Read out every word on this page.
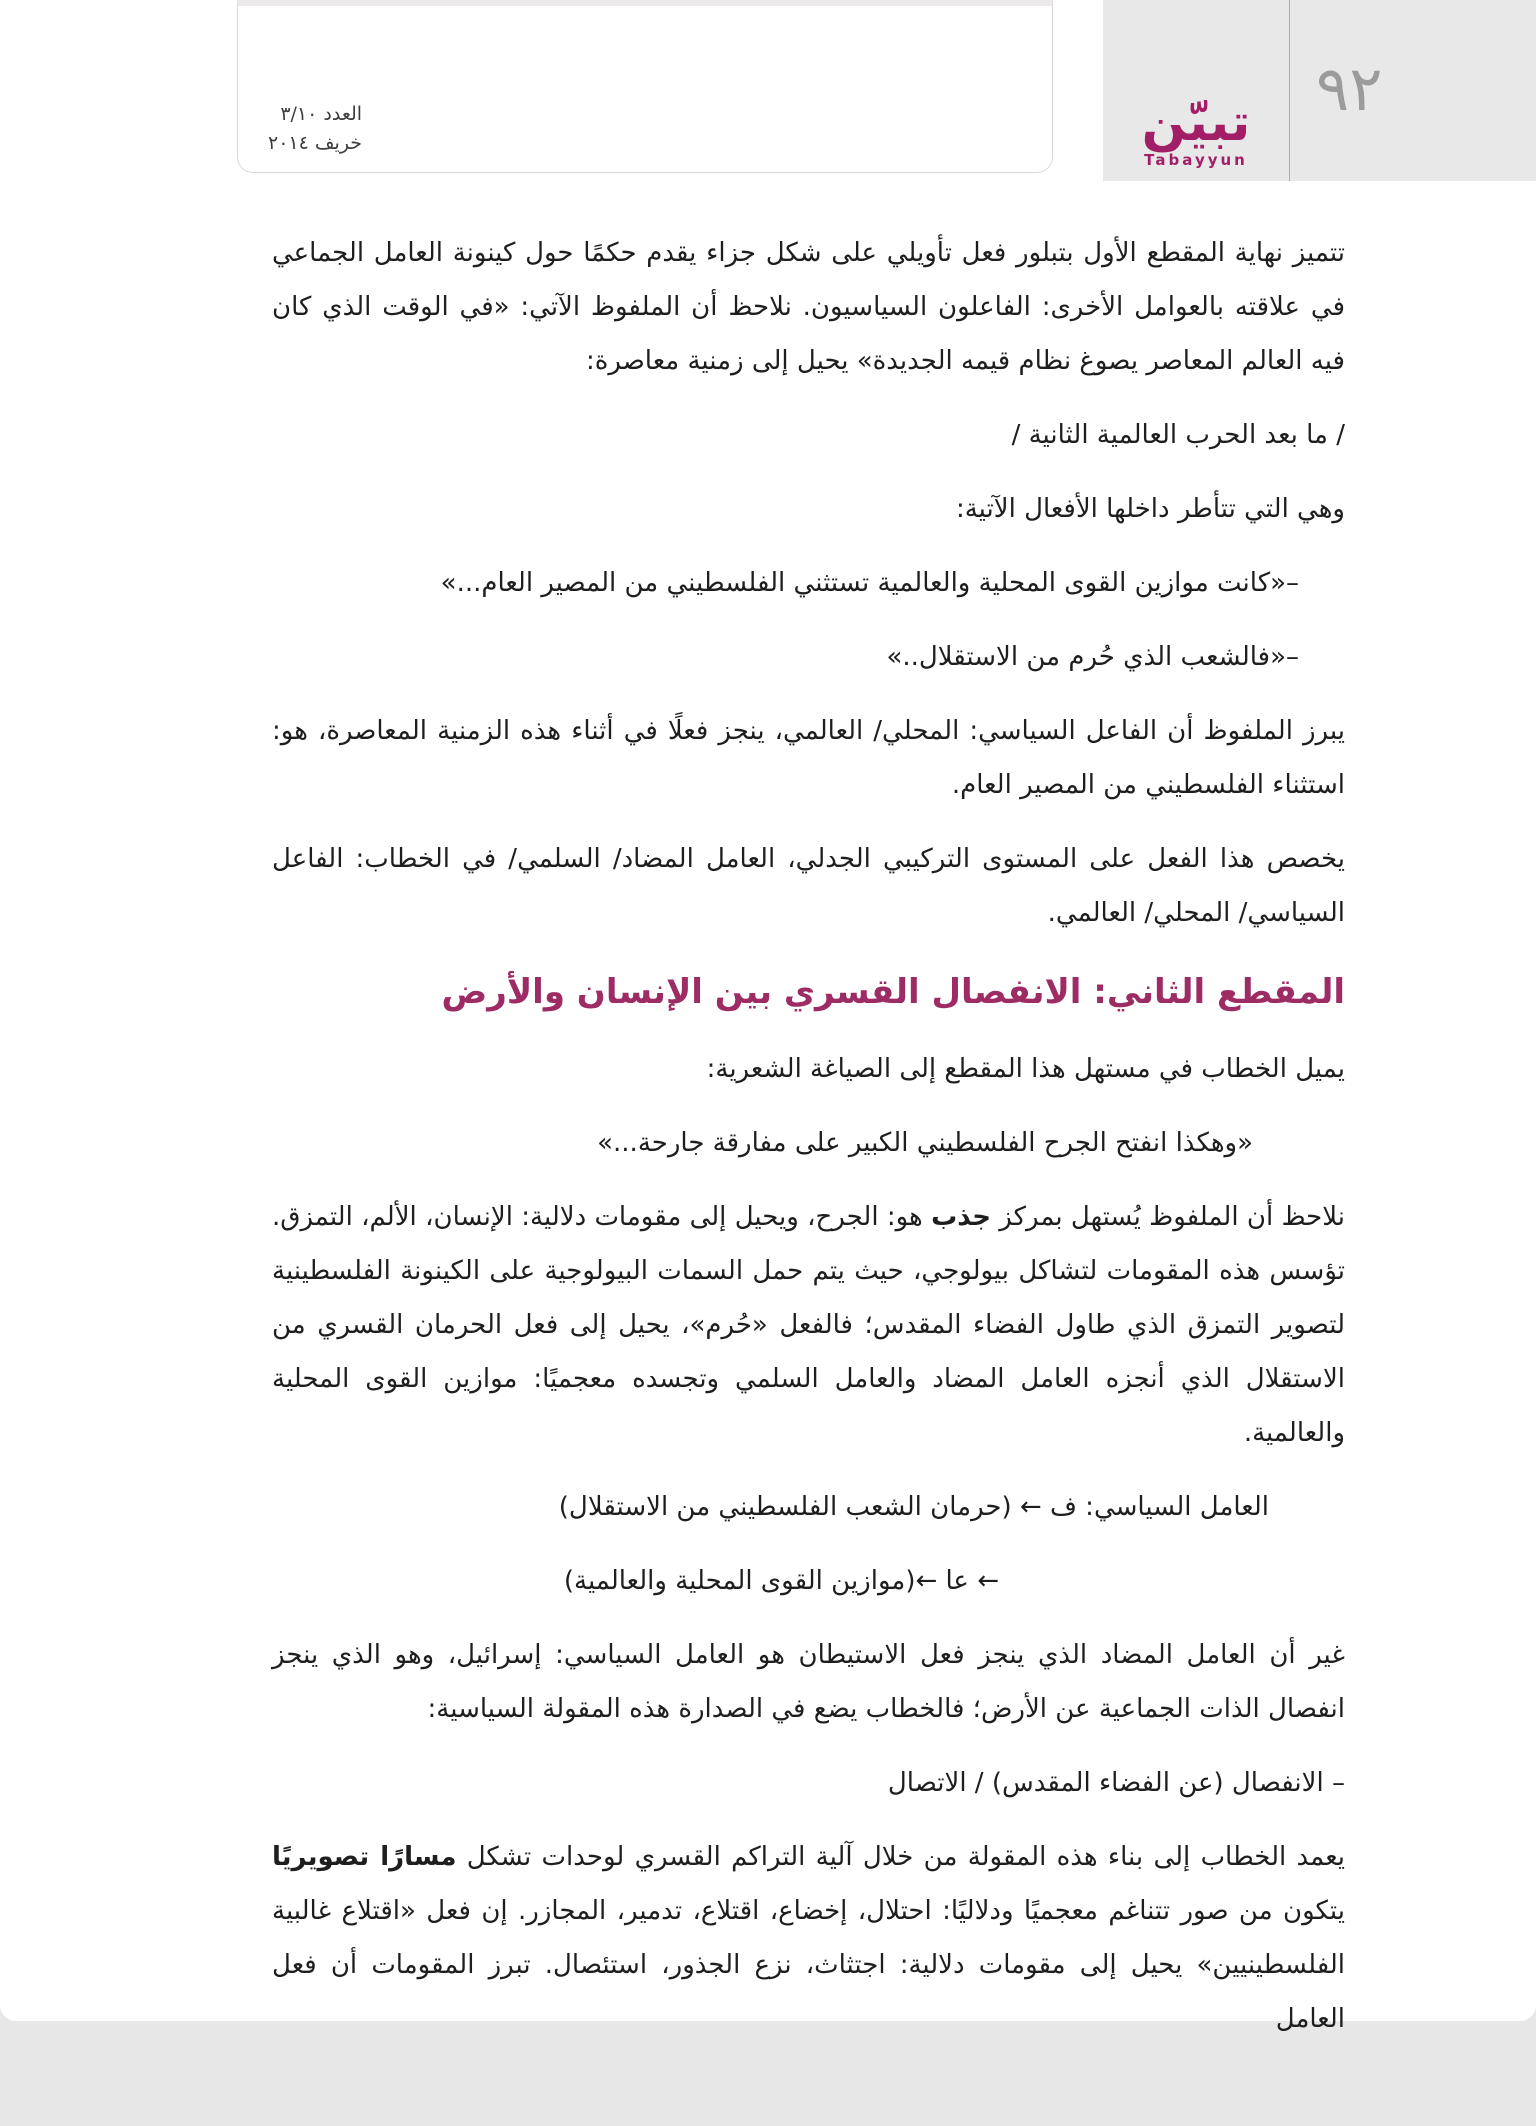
العدد ٣/١٠
خريف ٢٠١٤	تبيّن
Tabayyun
٩٢

تتميز نهاية المقطع الأول بتبلور فعل تأويلي على شكل جزاء يقدم حكمًا حول كينونة العامل الجماعي في علاقته بالعوامل الأخرى: الفاعلون السياسيون. نلاحظ أن الملفوظ الآتي: «في الوقت الذي كان فيه العالم المعاصر يصوغ نظام قيمه الجديدة» يحيل إلى زمنية معاصرة:

/ ما بعد الحرب العالمية الثانية /

وهي التي تتأطر داخلها الأفعال الآتية:

–«كانت موازين القوى المحلية والعالمية تستثني الفلسطيني من المصير العام...»

–«فالشعب الذي حُرم من الاستقلال..»

يبرز الملفوظ أن الفاعل السياسي: المحلي/ العالمي، ينجز فعلًا في أثناء هذه الزمنية المعاصرة، هو: استثناء الفلسطيني من المصير العام.

يخصص هذا الفعل على المستوى التركيبي الجدلي، العامل المضاد/ السلمي/ في الخطاب: الفاعل السياسي/ المحلي/ العالمي.

المقطع الثاني: الانفصال القسري بين الإنسان والأرض

يميل الخطاب في مستهل هذا المقطع إلى الصياغة الشعرية:

«وهكذا انفتح الجرح الفلسطيني الكبير على مفارقة جارحة...»

نلاحظ أن الملفوظ يُستهل بمركز جذب هو: الجرح، ويحيل إلى مقومات دلالية: الإنسان، الألم، التمزق. تؤسس هذه المقومات لتشاكل بيولوجي، حيث يتم حمل السمات البيولوجية على الكينونة الفلسطينية لتصوير التمزق الذي طاول الفضاء المقدس؛ فالفعل «حُرم»، يحيل إلى فعل الحرمان القسري من الاستقلال الذي أنجزه العامل المضاد والعامل السلمي وتجسده معجميًا: موازين القوى المحلية والعالمية.

العامل السياسي: ف ← (حرمان الشعب الفلسطيني من الاستقلال)

← عا ←(موازين القوى المحلية والعالمية)

غير أن العامل المضاد الذي ينجز فعل الاستيطان هو العامل السياسي: إسرائيل، وهو الذي ينجز انفصال الذات الجماعية عن الأرض؛ فالخطاب يضع في الصدارة هذه المقولة السياسية:

– الانفصال (عن الفضاء المقدس) / الاتصال

يعمد الخطاب إلى بناء هذه المقولة من خلال آلية التراكم القسري لوحدات تشكل مسارًا تصويريًا يتكون من صور تتناغم معجميًا ودلاليًا: احتلال، إخضاع، اقتلاع، تدمير، المجازر. إن فعل «اقتلاع غالبية الفلسطينيين» يحيل إلى مقومات دلالية: اجتثاث، نزع الجذور، استئصال. تبرز المقومات أن فعل العامل
